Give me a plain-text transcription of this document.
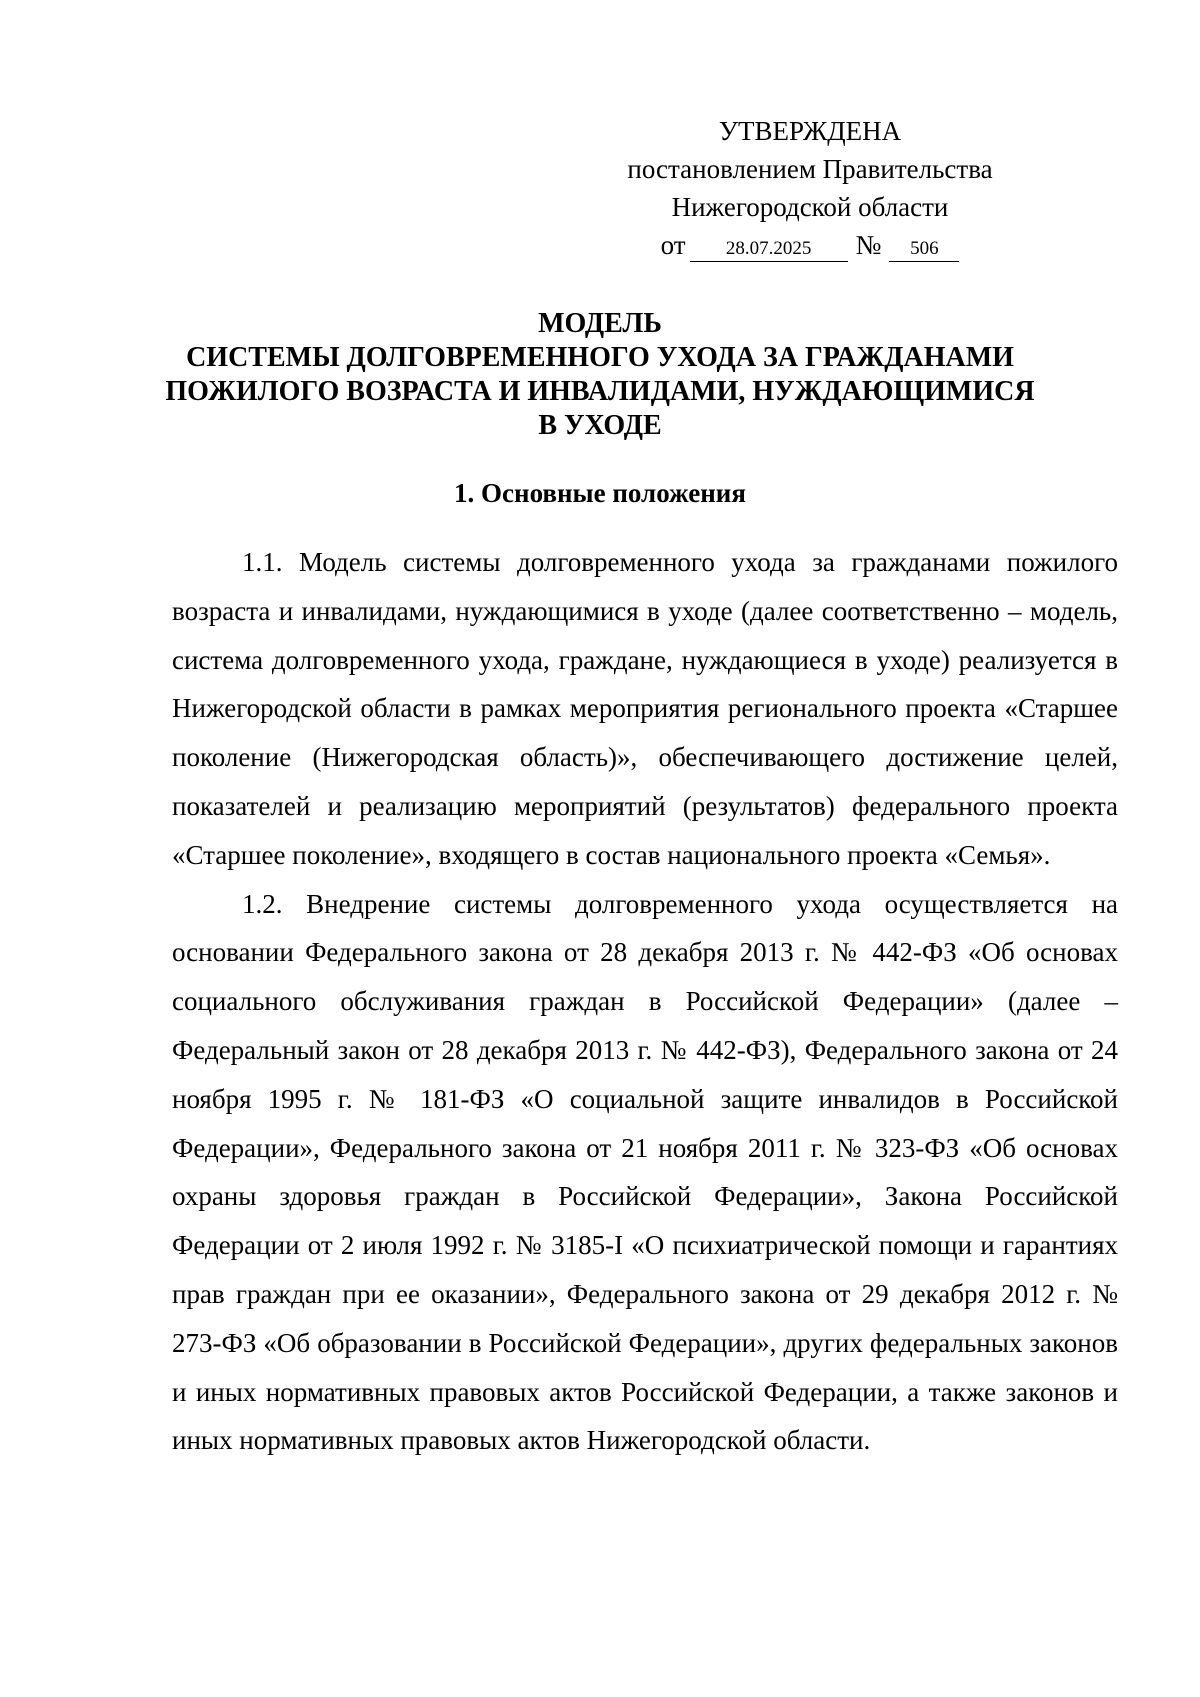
УТВЕРЖДЕНА
постановлением Правительства
Нижегородской области
от 28.07.2025 № 506
МОДЕЛЬ
СИСТЕМЫ ДОЛГОВРЕМЕННОГО УХОДА ЗА ГРАЖДАНАМИ
ПОЖИЛОГО ВОЗРАСТА И ИНВАЛИДАМИ, НУЖДАЮЩИМИСЯ
В УХОДЕ
1. Основные положения

1.1. Модель системы долговременного ухода за гражданами пожилого возраста и инвалидами, нуждающимися в уходе (далее соответственно – модель, система долговременного ухода, граждане, нуждающиеся в уходе) реализуется в Нижегородской области в рамках мероприятия регионального проекта «Старшее поколение (Нижегородская область)», обеспечивающего достижение целей, показателей и реализацию мероприятий (результатов) федерального проекта «Старшее поколение», входящего в состав национального проекта «Семья».

1.2. Внедрение системы долговременного ухода осуществляется на основании Федерального закона от 28 декабря 2013 г. № 442-ФЗ «Об основах социального обслуживания граждан в Российской Федерации» (далее – Федеральный закон от 28 декабря 2013 г. № 442-ФЗ), Федерального закона от 24 ноября 1995 г. № 181-ФЗ «О социальной защите инвалидов в Российской Федерации», Федерального закона от 21 ноября 2011 г. № 323-ФЗ «Об основах охраны здоровья граждан в Российской Федерации», Закона Российской Федерации от 2 июля 1992 г. № 3185-I «О психиатрической помощи и гарантиях прав граждан при ее оказании», Федерального закона от 29 декабря 2012 г. № 273-ФЗ «Об образовании в Российской Федерации», других федеральных законов и иных нормативных правовых актов Российской Федерации, а также законов и иных нормативных правовых актов Нижегородской области.
